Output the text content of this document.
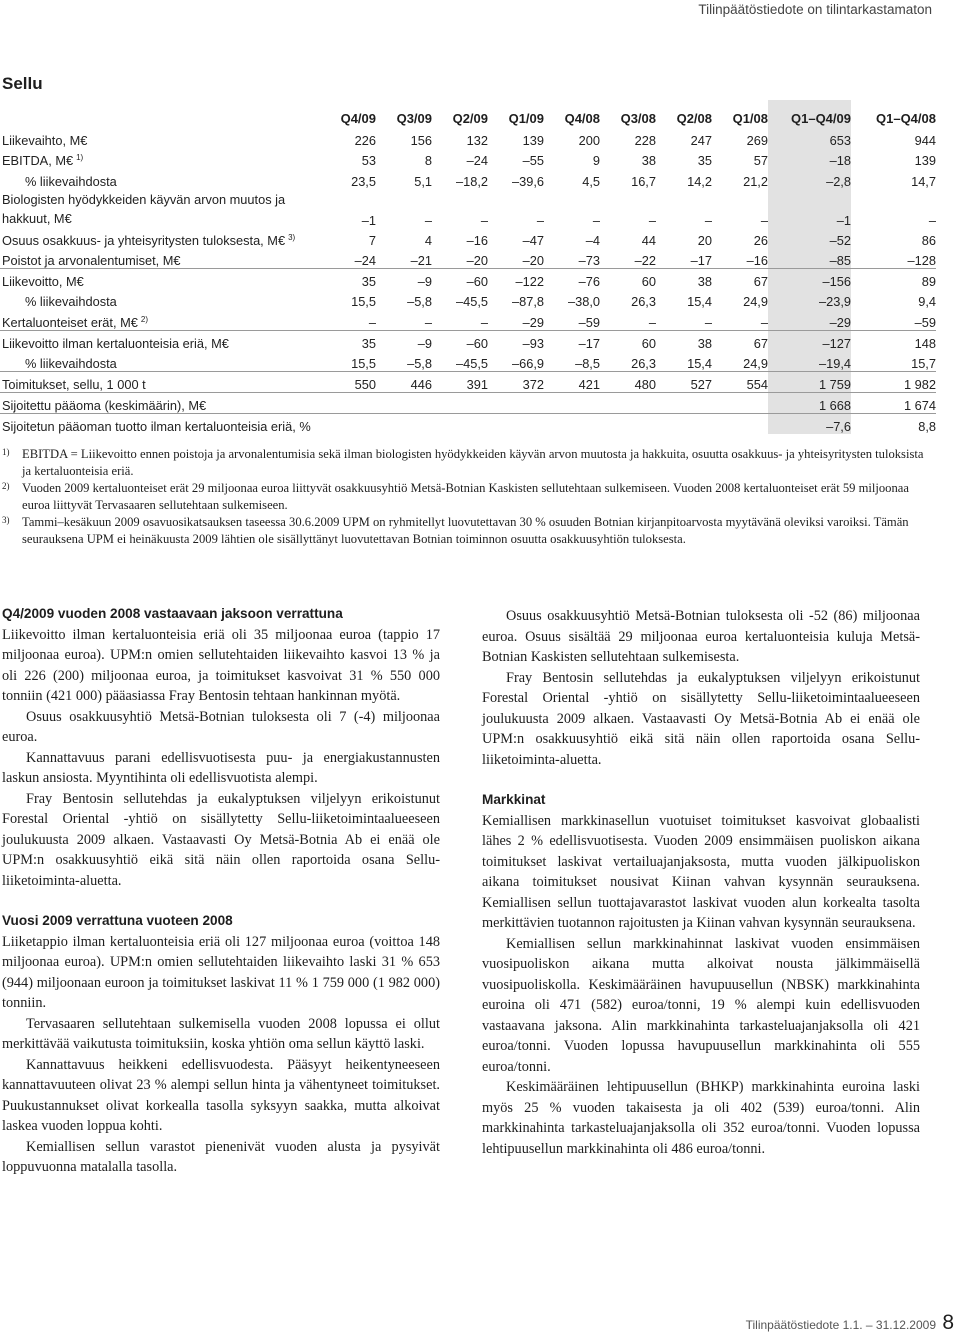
Tilinpäätöstiedote on tilintarkastamaton
Sellu
	Q4/09	Q3/09	Q2/09	Q1/09	Q4/08	Q3/08	Q2/08	Q1/08	Q1–Q4/09	Q1–Q4/08
Liikevaihto, M€	226	156	132	139	200	228	247	269	653	944
EBITDA, M€ $^{1)}$	53	8	–24	–55	9	38	35	57	–18	139
% liikevaihdosta	23,5	5,1	–18,2	–39,6	4,5	16,7	14,2	21,2	–2,8	14,7
Biologisten hyödykkeiden käyvän arvon muutos ja hakkuut, M€	–1	–	–	–	–	–	–	–	–1	–
Osuus osakkuus- ja yhteisyritysten tuloksesta, M€ $^{3)}$	7	4	–16	–47	–4	44	20	26	–52	86
Poistot ja arvonalentumiset, M€	–24	–21	–20	–20	–73	–22	–17	–16	–85	–128
Liikevoitto, M€	35	–9	–60	–122	–76	60	38	67	–156	89
% liikevaihdosta	15,5	–5,8	–45,5	–87,8	–38,0	26,3	15,4	24,9	–23,9	9,4
Kertaluonteiset erät, M€ $^{2)}$	–	–	–	–29	–59	–	–	–	–29	–59
Liikevoitto ilman kertaluonteisia eriä, M€	35	–9	–60	–93	–17	60	38	67	–127	148
% liikevaihdosta	15,5	–5,8	–45,5	–66,9	–8,5	26,3	15,4	24,9	–19,4	15,7
Toimitukset, sellu, 1 000 t	550	446	391	372	421	480	527	554	1 759	1 982
Sijoitettu pääoma (keskimäärin), M€									1 668	1 674
Sijoitetun pääoman tuotto ilman kertaluonteisia eriä, %									–7,6	8,8
1) EBITDA = Liikevoitto ennen poistoja ja arvonalentumisia sekä ilman biologisten hyödykkeiden käyvän arvon muutosta ja hakkuita, osuutta osakkuus- ja yhteisyritysten tuloksista ja kertaluonteisia eriä.
2) Vuoden 2009 kertaluonteiset erät 29 miljoonaa euroa liittyvät osakkuusyhtiö Metsä-Botnian Kaskisten sellutehtaan sulkemiseen. Vuoden 2008 kertaluonteiset erät 59 miljoonaa euroa liittyvät Tervasaaren sellutehtaan sulkemiseen.
3) Tammi–kesäkuun 2009 osavuosikatsauksen taseessa 30.6.2009 UPM on ryhmitellyt luovutettavan 30 % osuuden Botnian kirjanpitoarvosta myytävänä oleviksi varoiksi. Tämän seurauksena UPM ei heinäkuusta 2009 lähtien ole sisällyttänyt luovutettavan Botnian toiminnon osuutta osakkuusyhtiön tuloksesta.
Q4/2009 vuoden 2008 vastaavaan jaksoon verrattuna

Liikevoitto ilman kertaluonteisia eriä oli 35 miljoonaa euroa (tappio 17 miljoonaa euroa). UPM:n omien sellutehtaiden liikevaihto kasvoi 13 % ja oli 226 (200) miljoonaa euroa, ja toimitukset kasvoivat 31 % 550 000 tonniin (421 000) pääasiassa Fray Bentosin tehtaan hankinnan myötä.

Osuus osakkuusyhtiö Metsä-Botnian tuloksesta oli 7 (-4) miljoonaa euroa.

Kannattavuus parani edellisvuotisesta puu- ja energiakustannusten laskun ansiosta. Myyntihinta oli edellisvuotista alempi.

Fray Bentosin sellutehdas ja eukalyptuksen viljelyyn erikoistunut Forestal Oriental -yhtiö on sisällytetty Sellu-liiketoimintaalueeseen joulukuusta 2009 alkaen. Vastaavasti Oy Metsä-Botnia Ab ei enää ole UPM:n osakkuusyhtiö eikä sitä näin ollen raportoida osana Sellu-liiketoiminta-aluetta.

Vuosi 2009 verrattuna vuoteen 2008

Liiketappio ilman kertaluonteisia eriä oli 127 miljoonaa euroa (voittoa 148 miljoonaa euroa). UPM:n omien sellutehtaiden liikevaihto laski 31 % 653 (944) miljoonaan euroon ja toimitukset laskivat 11 % 1 759 000 (1 982 000) tonniin.

Tervasaaren sellutehtaan sulkemisella vuoden 2008 lopussa ei ollut merkittävää vaikutusta toimituksiin, koska yhtiön oma sellun käyttö laski.

Kannattavuus heikkeni edellisvuodesta. Pääsyyt heikentyneeseen kannattavuuteen olivat 23 % alempi sellun hinta ja vähentyneet toimitukset. Puukustannukset olivat korkealla tasolla syksyyn saakka, mutta alkoivat laskea vuoden loppua kohti.

Kemiallisen sellun varastot pienenivät vuoden alusta ja pysyivät loppuvuonna matalalla tasolla.

Osuus osakkuusyhtiö Metsä-Botnian tuloksesta oli -52 (86) miljoonaa euroa. Osuus sisältää 29 miljoonaa euroa kertaluonteisia kuluja Metsä-Botnian Kaskisten sellutehtaan sulkemisesta.

Fray Bentosin sellutehdas ja eukalyptuksen viljelyyn erikoistunut Forestal Oriental -yhtiö on sisällytetty Sellu-liiketoimintaalueeseen joulukuusta 2009 alkaen. Vastaavasti Oy Metsä-Botnia Ab ei enää ole UPM:n osakkuusyhtiö eikä sitä näin ollen raportoida osana Sellu-liiketoiminta-aluetta.

Markkinat

Kemiallisen markkinasellun vuotuiset toimitukset kasvoivat globaalisti lähes 2 % edellisvuotisesta. Vuoden 2009 ensimmäisen puoliskon aikana toimitukset laskivat vertailuajanjaksosta, mutta vuoden jälkipuoliskon aikana toimitukset nousivat Kiinan vahvan kysynnän seurauksena. Kemiallisen sellun tuottajavarastot laskivat vuoden alun korkealta tasolta merkittävien tuotannon rajoitusten ja Kiinan vahvan kysynnän seurauksena.

Kemiallisen sellun markkinahinnat laskivat vuoden ensimmäisen vuosipuoliskon aikana mutta alkoivat nousta jälkimmäisellä vuosipuoliskolla. Keskimääräinen havupuusellun (NBSK) markkinahinta euroina oli 471 (582) euroa/tonni, 19 % alempi kuin edellisvuoden vastaavana jaksona. Alin markkinahinta tarkasteluajanjaksolla oli 421 euroa/tonni. Vuoden lopussa havupuusellun markkinahinta oli 555 euroa/tonni.

Keskimääräinen lehtipuusellun (BHKP) markkinahinta euroina laski myös 25 % vuoden takaisesta ja oli 402 (539) euroa/tonni. Alin markkinahinta tarkasteluajanjaksolla oli 352 euroa/tonni. Vuoden lopussa lehtipuusellun markkinahinta oli 486 euroa/tonni.

Tilinpäätöstiedote 1.1. – 31.12.2009 8
